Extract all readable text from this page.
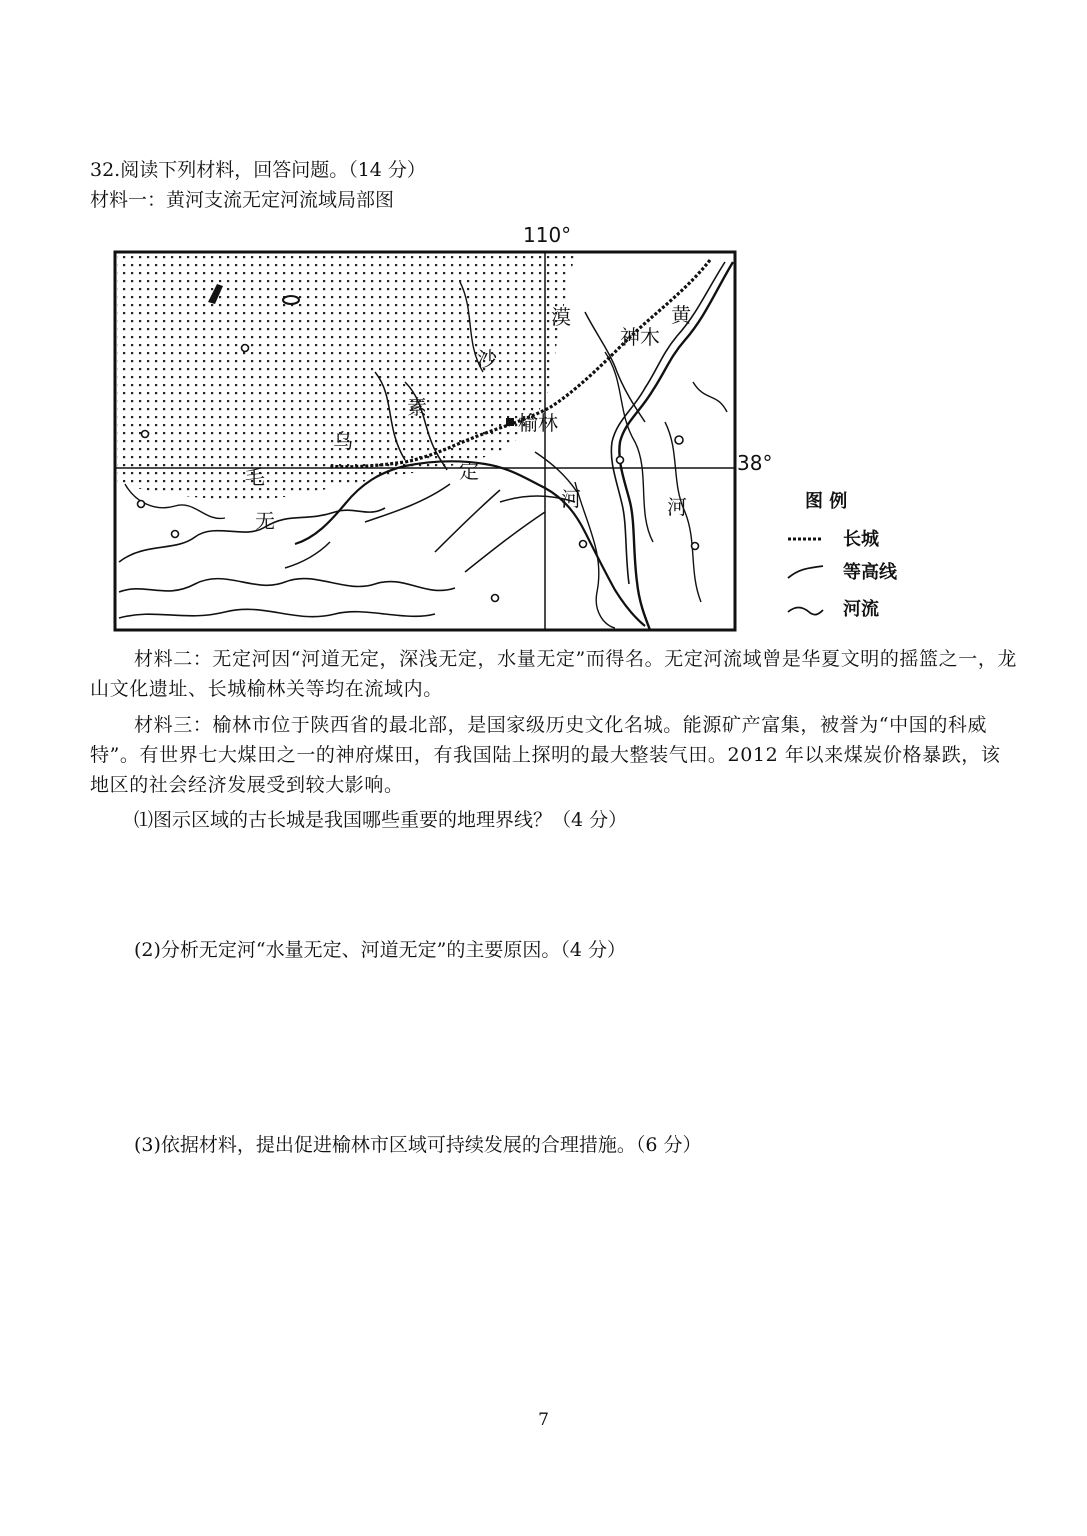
32.阅读下列材料，回答问题。（14 分）
材料一：黄河支流无定河流域局部图
110°
38°
神木
榆林
无
定
河
黄
河
毛
乌
素
沙
漠
图 例
长城
等高线
河流
材料二：无定河因“河道无定，深浅无定，水量无定”而得名。无定河流域曾是华夏文明的摇篮之一，龙山文化遗址、长城榆林关等均在流域内。
材料三：榆林市位于陕西省的最北部，是国家级历史文化名城。能源矿产富集，被誉为“中国的科威特”。有世界七大煤田之一的神府煤田，有我国陆上探明的最大整装气田。2012 年以来煤炭价格暴跌，该地区的社会经济发展受到较大影响。
⑴图示区域的古长城是我国哪些重要的地理界线？（4 分）
(2)分析无定河“水量无定、河道无定”的主要原因。（4 分）
(3)依据材料，提出促进榆林市区域可持续发展的合理措施。（6 分）
7
